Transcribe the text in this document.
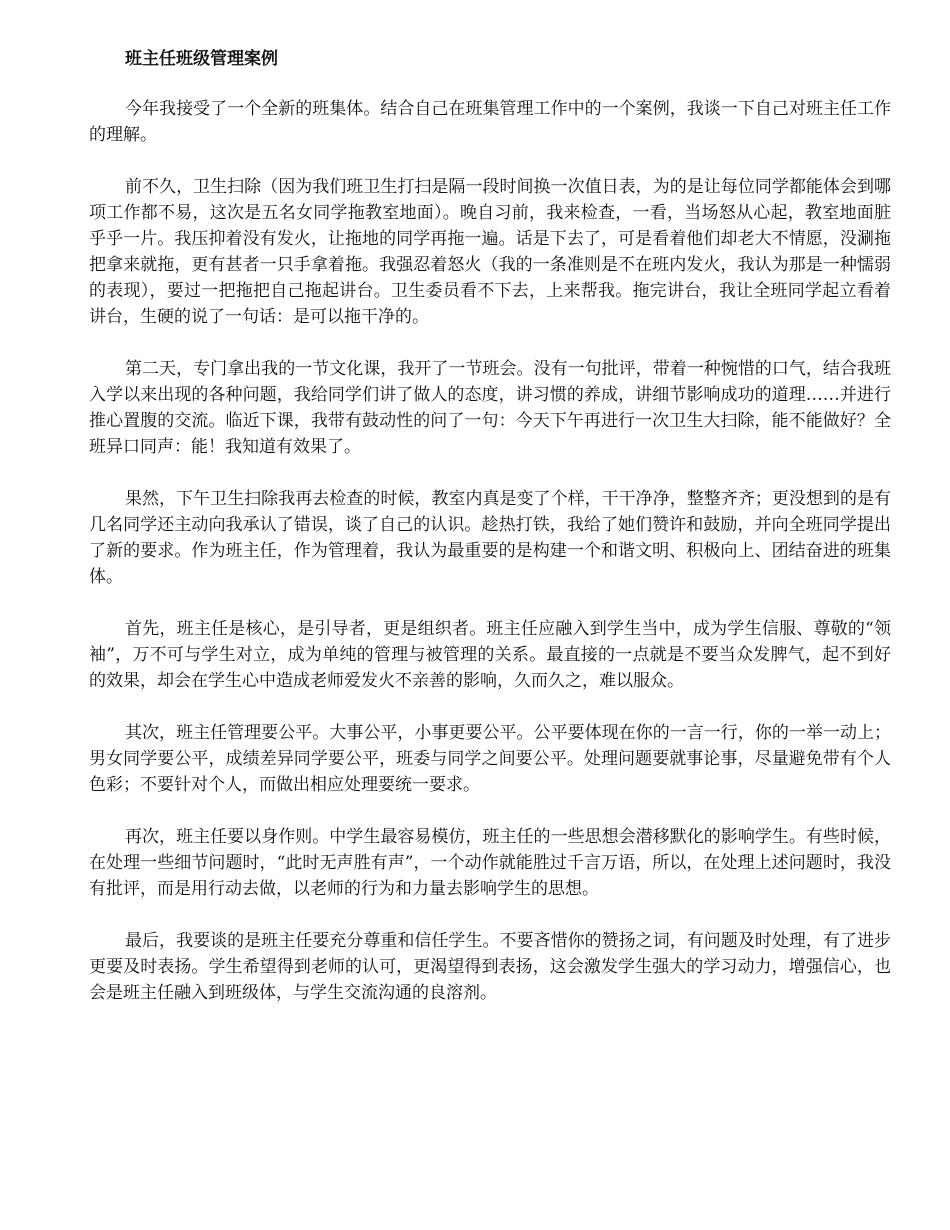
班主任班级管理案例

今年我接受了一个全新的班集体。结合自己在班集管理工作中的一个案例，我谈一下自己对班主任工作的理解。

前不久，卫生扫除（因为我们班卫生打扫是隔一段时间换一次值日表，为的是让每位同学都能体会到哪项工作都不易，这次是五名女同学拖教室地面）。晚自习前，我来检查，一看，当场怒从心起，教室地面脏乎乎一片。我压抑着没有发火，让拖地的同学再拖一遍。话是下去了，可是看着他们却老大不情愿，没涮拖把拿来就拖，更有甚者一只手拿着拖。我强忍着怒火（我的一条准则是不在班内发火，我认为那是一种懦弱的表现），要过一把拖把自己拖起讲台。卫生委员看不下去，上来帮我。拖完讲台，我让全班同学起立看着讲台，生硬的说了一句话：是可以拖干净的。

第二天，专门拿出我的一节文化课，我开了一节班会。没有一句批评，带着一种惋惜的口气，结合我班入学以来出现的各种问题，我给同学们讲了做人的态度，讲习惯的养成，讲细节影响成功的道理……并进行推心置腹的交流。临近下课，我带有鼓动性的问了一句：今天下午再进行一次卫生大扫除，能不能做好？全班异口同声：能！我知道有效果了。

果然，下午卫生扫除我再去检查的时候，教室内真是变了个样，干干净净，整整齐齐；更没想到的是有几名同学还主动向我承认了错误，谈了自己的认识。趁热打铁，我给了她们赞许和鼓励，并向全班同学提出了新的要求。作为班主任，作为管理着，我认为最重要的是构建一个和谐文明、积极向上、团结奋进的班集体。

首先，班主任是核心，是引导者，更是组织者。班主任应融入到学生当中，成为学生信服、尊敬的“领袖”，万不可与学生对立，成为单纯的管理与被管理的关系。最直接的一点就是不要当众发脾气，起不到好的效果，却会在学生心中造成老师爱发火不亲善的影响，久而久之，难以服众。

其次，班主任管理要公平。大事公平，小事更要公平。公平要体现在你的一言一行，你的一举一动上；男女同学要公平，成绩差异同学要公平，班委与同学之间要公平。处理问题要就事论事，尽量避免带有个人色彩；不要针对个人，而做出相应处理要统一要求。

再次，班主任要以身作则。中学生最容易模仿，班主任的一些思想会潜移默化的影响学生。有些时候，在处理一些细节问题时，“此时无声胜有声”，一个动作就能胜过千言万语，所以，在处理上述问题时，我没有批评，而是用行动去做，以老师的行为和力量去影响学生的思想。

最后，我要谈的是班主任要充分尊重和信任学生。不要吝惜你的赞扬之词，有问题及时处理，有了进步更要及时表扬。学生希望得到老师的认可，更渴望得到表扬，这会激发学生强大的学习动力，增强信心，也会是班主任融入到班级体，与学生交流沟通的良溶剂。
